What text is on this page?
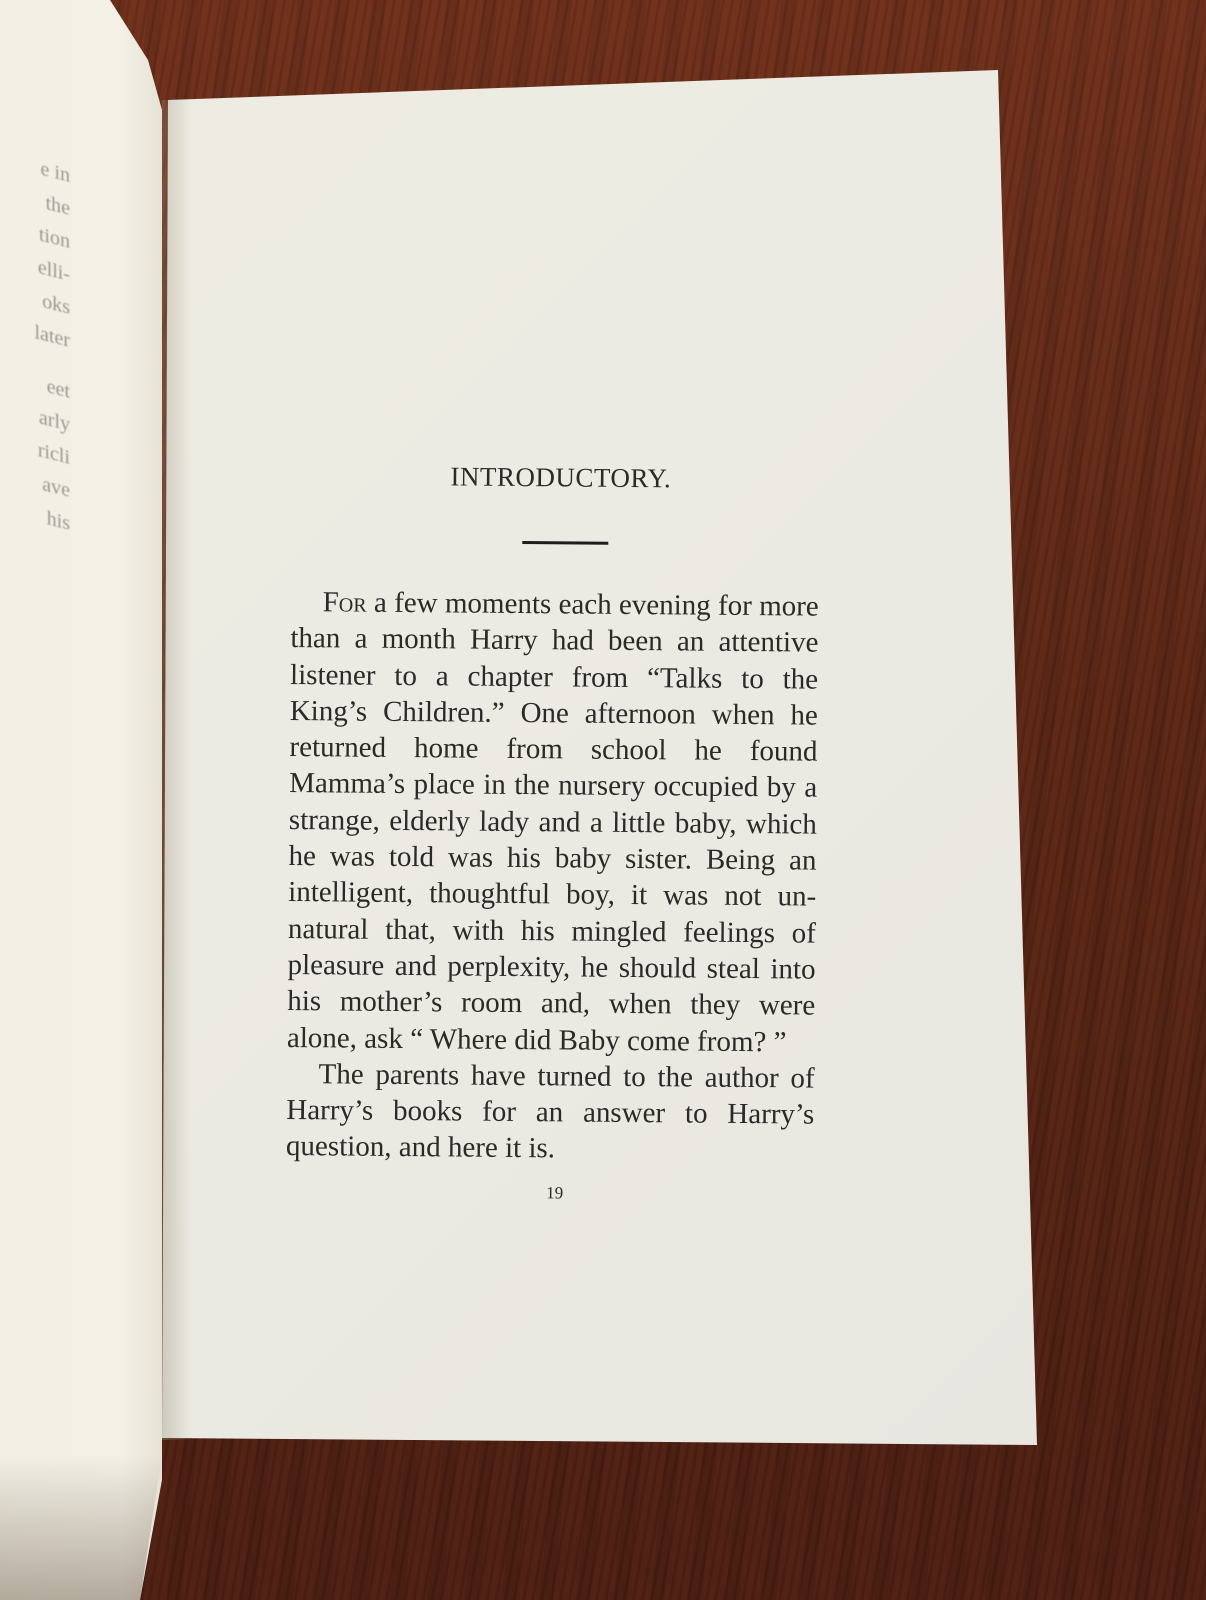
e in
the
tion
elli-
oks
later
eet
arly
ricli
ave
his
INTRODUCTORY.

For a few moments each evening for more than a month Harry had been an attentive listener to a chapter from “Talks to the King’s Children.” One afternoon when he returned home from school he found Mamma’s place in the nursery occupied by a strange, elderly lady and a little baby, which he was told was his baby sister. Being an intelligent, thoughtful boy, it was not unnatural that, with his mingled feelings of pleasure and perplexity, he should steal into his mother’s room and, when they were alone, ask “ Where did Baby come from? ”

The parents have turned to the author of Harry’s books for an answer to Harry’s question, and here it is.

19
